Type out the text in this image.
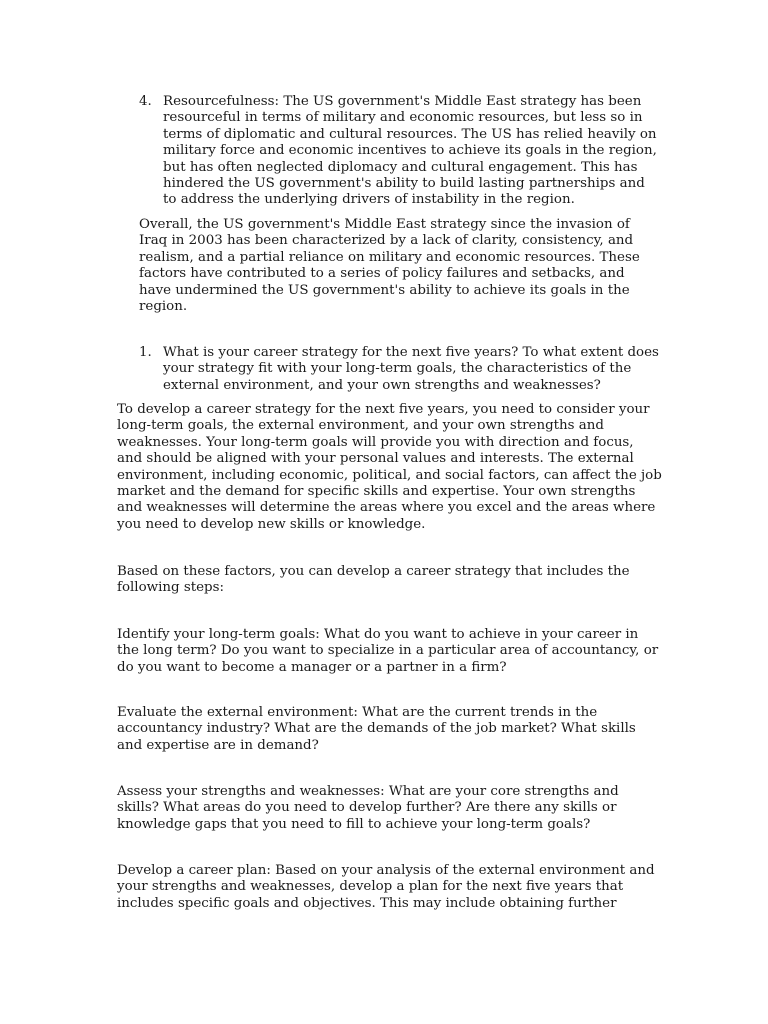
4. Resourcefulness: The US government's Middle East strategy has been resourceful in terms of military and economic resources, but less so in terms of diplomatic and cultural resources. The US has relied heavily on military force and economic incentives to achieve its goals in the region, but has often neglected diplomacy and cultural engagement. This has hindered the US government's ability to build lasting partnerships and to address the underlying drivers of instability in the region.

Overall, the US government's Middle East strategy since the invasion of Iraq in 2003 has been characterized by a lack of clarity, consistency, and realism, and a partial reliance on military and economic resources. These factors have contributed to a series of policy failures and setbacks, and have undermined the US government's ability to achieve its goals in the region.

1. What is your career strategy for the next five years? To what extent does your strategy fit with your long-term goals, the characteristics of the external environment, and your own strengths and weaknesses?

To develop a career strategy for the next five years, you need to consider your long-term goals, the external environment, and your own strengths and weaknesses. Your long-term goals will provide you with direction and focus, and should be aligned with your personal values and interests. The external environment, including economic, political, and social factors, can affect the job market and the demand for specific skills and expertise. Your own strengths and weaknesses will determine the areas where you excel and the areas where you need to develop new skills or knowledge.

Based on these factors, you can develop a career strategy that includes the following steps:

Identify your long-term goals: What do you want to achieve in your career in the long term? Do you want to specialize in a particular area of accountancy, or do you want to become a manager or a partner in a firm?

Evaluate the external environment: What are the current trends in the accountancy industry? What are the demands of the job market? What skills and expertise are in demand?

Assess your strengths and weaknesses: What are your core strengths and skills? What areas do you need to develop further? Are there any skills or knowledge gaps that you need to fill to achieve your long-term goals?

Develop a career plan: Based on your analysis of the external environment and your strengths and weaknesses, develop a plan for the next five years that includes specific goals and objectives. This may include obtaining further
